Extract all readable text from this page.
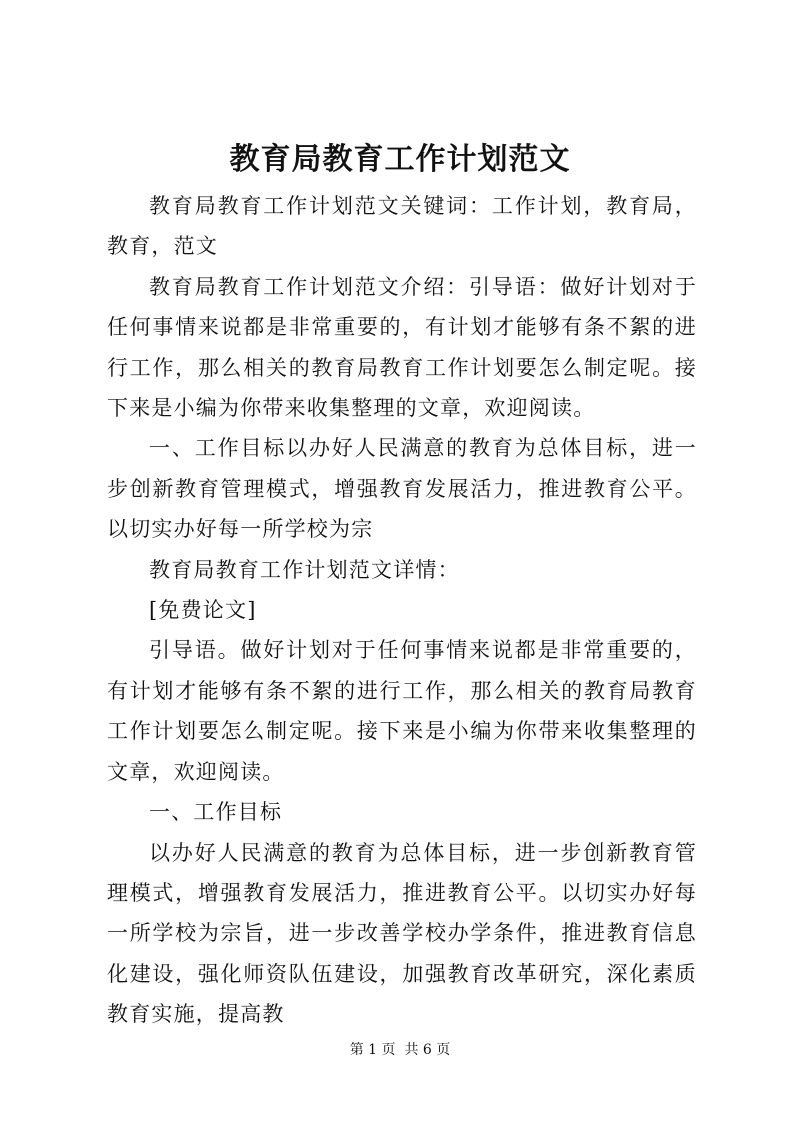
教育局教育工作计划范文

教育局教育工作计划范文关键词：工作计划，教育局，教育，范文

教育局教育工作计划范文介绍：引导语：做好计划对于任何事情来说都是非常重要的，有计划才能够有条不絮的进行工作，那么相关的教育局教育工作计划要怎么制定呢。接下来是小编为你带来收集整理的文章，欢迎阅读。

一、工作目标以办好人民满意的教育为总体目标，进一步创新教育管理模式，增强教育发展活力，推进教育公平。以切实办好每一所学校为宗

教育局教育工作计划范文详情：

[免费论文]

引导语。做好计划对于任何事情来说都是非常重要的，有计划才能够有条不絮的进行工作，那么相关的教育局教育工作计划要怎么制定呢。接下来是小编为你带来收集整理的文章，欢迎阅读。

一、工作目标

以办好人民满意的教育为总体目标，进一步创新教育管理模式，增强教育发展活力，推进教育公平。以切实办好每一所学校为宗旨，进一步改善学校办学条件，推进教育信息化建设，强化师资队伍建设，加强教育改革研究，深化素质教育实施，提高教

第 1 页  共 6 页
